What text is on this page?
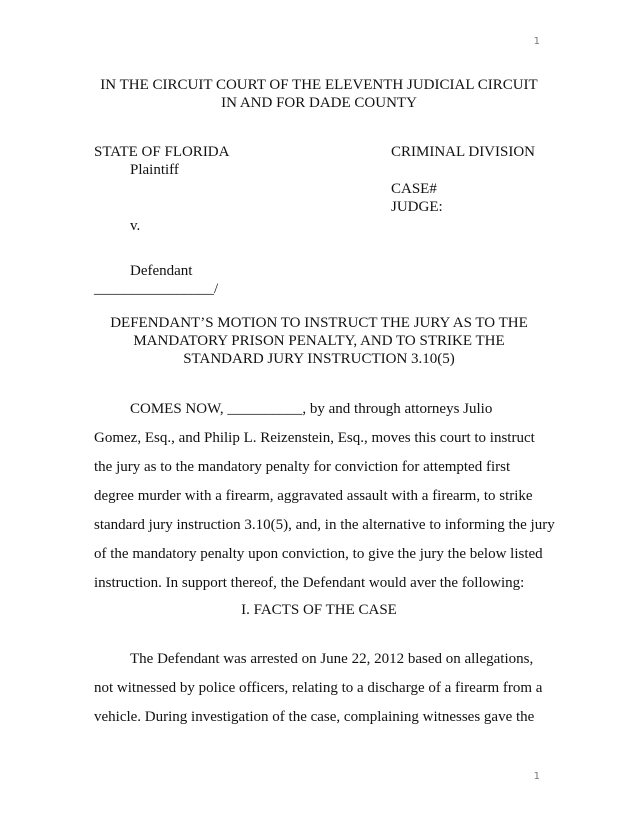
1
IN THE CIRCUIT COURT OF THE ELEVENTH JUDICIAL CIRCUIT
IN AND FOR DADE COUNTY
STATE OF FLORIDA
Plaintiff
CRIMINAL DIVISION
CASE#
JUDGE:
v.
Defendant
________________/
DEFENDANT’S MOTION TO INSTRUCT THE JURY AS TO THE
MANDATORY PRISON PENALTY, AND TO STRIKE THE
STANDARD JURY INSTRUCTION 3.10(5)
COMES NOW, __________, by and through attorneys Julio
Gomez, Esq., and Philip L. Reizenstein, Esq., moves this court to instruct
the jury as to the mandatory penalty for conviction for attempted first
degree murder with a firearm, aggravated assault with a firearm, to strike
standard jury instruction 3.10(5), and, in the alternative to informing the jury
of the mandatory penalty upon conviction, to give the jury the below listed
instruction. In support thereof, the Defendant would aver the following:
I. FACTS OF THE CASE
The Defendant was arrested on June 22, 2012 based on allegations,
not witnessed by police officers, relating to a discharge of a firearm from a
vehicle. During investigation of the case, complaining witnesses gave the
1
